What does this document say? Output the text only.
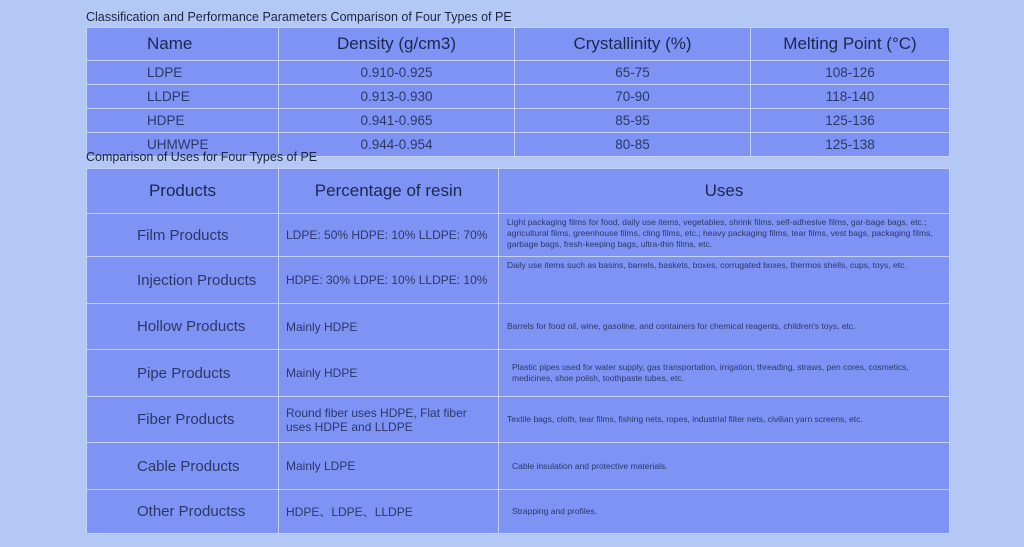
Classification and Performance Parameters Comparison of Four Types of PE
Name	Density (g/cm3)	Crystallinity (%)	Melting Point (°C)
LDPE	0.910-0.925	65-75	108-126
LLDPE	0.913-0.930	70-90	118-140
HDPE	0.941-0.965	85-95	125-136
UHMWPE	0.944-0.954	80-85	125-138
Comparison of Uses for Four Types of PE
Products	Percentage of resin	Uses
Film Products	LDPE: 50% HDPE: 10% LLDPE: 70%	Light packaging films for food, daily use items, vegetables, shrink films, self-adhesive films, gar-bage bags, etc.; agricultural films, greenhouse films, cling films, etc.; heavy packaging films, tear films, vest bags, packaging films, garbage bags, fresh-keeping bags, ultra-thin films, etc.
Injection Products	HDPE: 30% LDPE: 10% LLDPE: 10%	Daily use items such as basins, barrels, baskets, boxes, corrugated boxes, thermos shells, cups, toys, etc.
Hollow Products	Mainly HDPE	Barrels for food oil, wine, gasoline, and containers for chemical reagents, children's toys, etc.
Pipe Products	Mainly HDPE	Plastic pipes used for water supply, gas transportation, irrigation, threading, straws, pen cores, cosmetics, medicines, shoe polish, toothpaste tubes, etc.
Fiber Products	Round fiber uses HDPE, Flat fiber uses HDPE and LLDPE	Textile bags, cloth, tear films, fishing nets, ropes, industrial filter nets, civilian yarn screens, etc.
Cable Products	Mainly LDPE	Cable insulation and protective materials.
Other Productss	HDPE、LDPE、LLDPE	Strapping and profiles.
